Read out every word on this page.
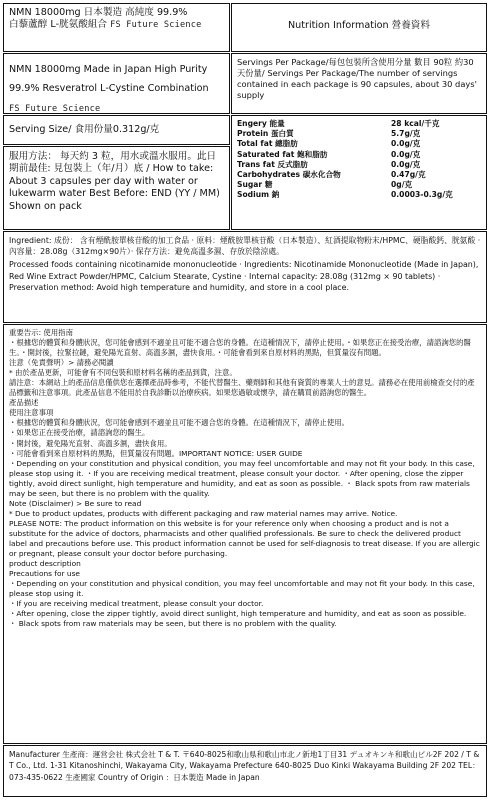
NMN 18000mg 日本製造 高純度 99.9%
白藜蘆醇 L-胱氨酸組合 FS Future Science	Nutrition Information 營養資料
NMN 18000mg Made in Japan High Purity 99.9% Resveratrol L-Cystine Combination FS Future Science
Servings Per Package/每包包裝所含使用分量 數目 90粒 約30天份量/ Servings Per Package/The number of servings contained in each package is 90 capsules, about 30 days' supply
Serving Size/ 食用份量0.312g/克
服用方法： 每天約 3 粒，用水或溫水服用。此日期前最佳: 見包裝上（年/月）底 / How to take: About 3 capsules per day with water or lukewarm water Best Before: END (YY / MM) Shown on pack
Engery 能量	28 kcal/千克
Protein 蛋白質	5.7g/克
Total fat 總脂肪	0.0g/克
Saturated fat 飽和脂肪	0.0g/克
Trans fat 反式脂肪	0.0g/克
Carbohydrates 碳水化合物	0.47g/克
Sugar 糖	0g/克
Sodium 鈉	0.0003-0.3g/克
Ingredient: 成份： 含有煙酰胺單核苷酸的加工食品 · 原料：煙酰胺單核苷酸（日本製造）、紅酒提取物粉末/HPMC、硬脂酸鈣、胱氨酸 · 內容量：28.08g（312mg×90片）· 保存方法：避免高溫多濕、存放於陰涼處。
Processed foods containing nicotinamide mononucleotide · Ingredients: Nicotinamide Mononucleotide (Made in Japan), Red Wine Extract Powder/HPMC, Calcium Stearate, Cystine · Internal capacity: 28.08g (312mg × 90 tablets) · Preservation method: Avoid high temperature and humidity, and store in a cool place.

重要告示: 使用指南

・根據您的體質和身體狀況，您可能會感到不適並且可能不適合您的身體。在這種情況下，請停止使用。・如果您正在接受治療，請諮詢您的醫生。・開封後，拉緊拉鏈，避免陽光直射、高溫多濕，盡快食用。・可能會看到來自原材料的黑點，但質量沒有問題。

注意（免責聲明）> 請務必閱讀

* 由於產品更新，可能會有不同包裝和原材料名稱的產品到貨，注意。

請注意：本網站上的產品信息僅供您在選擇產品時參考，不能代替醫生、藥劑師和其他有資質的專業人士的意見。請務必在使用前檢查交付的產品標籤和注意事項。此產品信息不能用於自我診斷以治療疾病。如果您過敏或懷孕，請在購買前諮詢您的醫生。

產品描述

使用注意事項

・根據您的體質和身體狀況，您可能會感到不適並且可能不適合您的身體。在這種情況下，請停止使用。

・如果您正在接受治療，請諮詢您的醫生。

・開封後，避免陽光直射、高溫多濕，盡快食用。

・可能會看到來自原材料的黑點，但質量沒有問題。IMPORTANT NOTICE: USER GUIDE

・Depending on your constitution and physical condition, you may feel uncomfortable and may not fit your body. In this case, please stop using it. ・If you are receiving medical treatment, please consult your doctor. ・After opening, close the zipper tightly, avoid direct sunlight, high temperature and humidity, and eat as soon as possible. ・ Black spots from raw materials may be seen, but there is no problem with the quality.

Note (Disclaimer) > Be sure to read

* Due to product updates, products with different packaging and raw material names may arrive. Notice.

PLEASE NOTE: The product information on this website is for your reference only when choosing a product and is not a substitute for the advice of doctors, pharmacists and other qualified professionals. Be sure to check the delivered product label and precautions before use. This product information cannot be used for self-diagnosis to treat disease. If you are allergic or pregnant, please consult your doctor before purchasing.

product description

Precautions for use

・Depending on your constitution and physical condition, you may feel uncomfortable and may not fit your body. In this case, please stop using it.

・If you are receiving medical treatment, please consult your doctor.

・After opening, close the zipper tightly, avoid direct sunlight, high temperature and humidity, and eat as soon as possible.

・ Black spots from raw materials may be seen, but there is no problem with the quality.

Manufacturer 生產商：運営会社 株式会社 T & T. 〒640-8025和歌山県和歌山市北ノ新地1丁目31 デュオキンキ和歌山ビル2F 202 / T & T Co., Ltd. 1-31 Kitanoshinchi, Wakayama City, Wakayama Prefecture 640-8025 Duo Kinki Wakayama Building 2F 202 TEL：073-435-0622 生產國家 Country of Origin ：日本製造 Made in Japan
